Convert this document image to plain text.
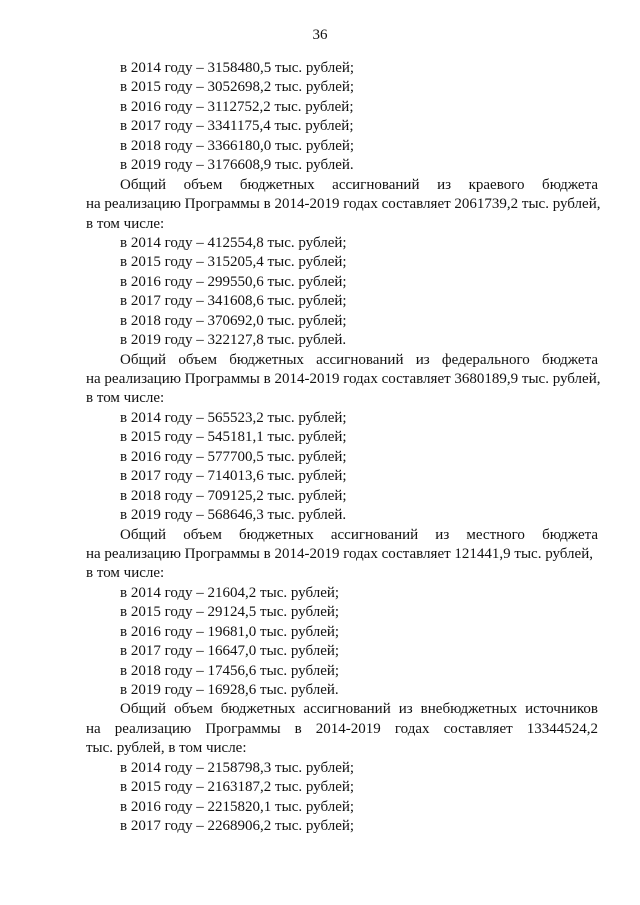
36
в 2014 году – 3158480,5 тыс. рублей;
в 2015 году – 3052698,2 тыс. рублей;
в 2016 году – 3112752,2 тыс. рублей;
в 2017 году – 3341175,4 тыс. рублей;
в 2018 году – 3366180,0 тыс. рублей;
в 2019 году – 3176608,9 тыс. рублей.
Общий объем бюджетных ассигнований из краевого бюджета
на реализацию Программы в 2014-2019 годах составляет 2061739,2 тыс. рублей,
в том числе:
в 2014 году – 412554,8 тыс. рублей;
в 2015 году – 315205,4 тыс. рублей;
в 2016 году – 299550,6 тыс. рублей;
в 2017 году – 341608,6 тыс. рублей;
в 2018 году – 370692,0 тыс. рублей;
в 2019 году – 322127,8 тыс. рублей.
Общий объем бюджетных ассигнований из федерального бюджета
на реализацию Программы в 2014-2019 годах составляет 3680189,9 тыс. рублей,
в том числе:
в 2014 году – 565523,2 тыс. рублей;
в 2015 году – 545181,1 тыс. рублей;
в 2016 году – 577700,5 тыс. рублей;
в 2017 году – 714013,6 тыс. рублей;
в 2018 году – 709125,2 тыс. рублей;
в 2019 году – 568646,3 тыс. рублей.
Общий объем бюджетных ассигнований из местного бюджета
на реализацию Программы в 2014-2019 годах составляет 121441,9 тыс. рублей,
в том числе:
в 2014 году – 21604,2 тыс. рублей;
в 2015 году – 29124,5 тыс. рублей;
в 2016 году – 19681,0 тыс. рублей;
в 2017 году – 16647,0 тыс. рублей;
в 2018 году – 17456,6 тыс. рублей;
в 2019 году – 16928,6 тыс. рублей.
Общий объем бюджетных ассигнований из внебюджетных источников
на реализацию Программы в 2014-2019 годах составляет 13344524,2
тыс. рублей, в том числе:
в 2014 году – 2158798,3 тыс. рублей;
в 2015 году – 2163187,2 тыс. рублей;
в 2016 году – 2215820,1 тыс. рублей;
в 2017 году – 2268906,2 тыс. рублей;
